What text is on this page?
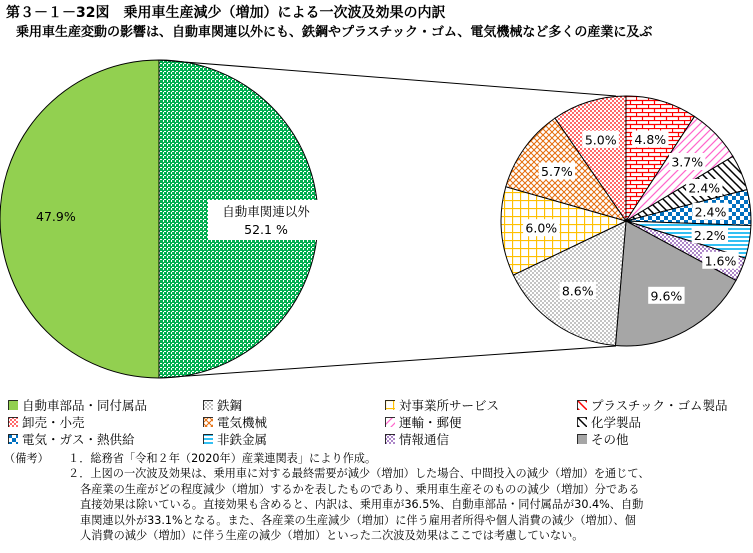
第３－１－32図　乗用車生産減少（増加）による一次波及効果の内訳
乗用車生産変動の影響は、自動車関連以外にも、鉄鋼やプラスチック・ゴム、電気機械など多くの産業に及ぶ
47.9%	自動車関連以外
52.1 %
4.8%
3.7%
2.4%
2.4%
2.2%
1.6%
9.6%
8.6%
6.0%
5.7%
5.0%
自動車部品・同付属品	鉄鋼	対事業所サービス	プラスチック・ゴム製品
卸売・小売	電気機械	運輸・郵便	化学製品
電気・ガス・熱供給	非鉄金属	情報通信	その他
（備考） １．総務省「令和２年（2020年）産業連関表」により作成。
２．上図の一次波及効果は、乗用車に対する最終需要が減少（増加）した場合、中間投入の減少（増加）を通じて、
各産業の生産がどの程度減少（増加）するかを表したものであり、乗用車生産そのものの減少（増加）分である
直接効果は除いている。直接効果も含めると、内訳は、乗用車が36.5%、自動車部品・同付属品が30.4%、自動
車関連以外が33.1%となる。また、各産業の生産減少（増加）に伴う雇用者所得や個人消費の減少（増加）、個
人消費の減少（増加）に伴う生産の減少（増加）といった二次波及効果はここでは考慮していない。
